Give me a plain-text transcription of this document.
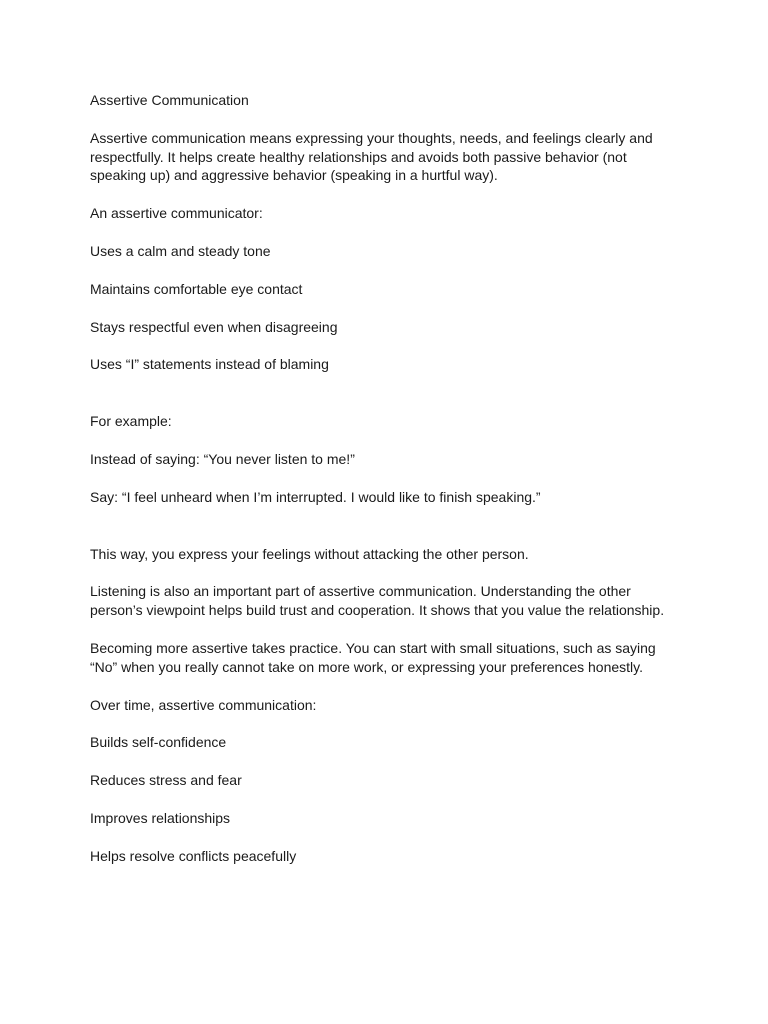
Assertive Communication

Assertive communication means expressing your thoughts, needs, and feelings clearly and respectfully. It helps create healthy relationships and avoids both passive behavior (not speaking up) and aggressive behavior (speaking in a hurtful way).

An assertive communicator:

Uses a calm and steady tone

Maintains comfortable eye contact

Stays respectful even when disagreeing

Uses “I” statements instead of blaming

For example:

Instead of saying: “You never listen to me!”

Say: “I feel unheard when I’m interrupted. I would like to finish speaking.”

This way, you express your feelings without attacking the other person.

Listening is also an important part of assertive communication. Understanding the other person’s viewpoint helps build trust and cooperation. It shows that you value the relationship.

Becoming more assertive takes practice. You can start with small situations, such as saying “No” when you really cannot take on more work, or expressing your preferences honestly.

Over time, assertive communication:

Builds self-confidence

Reduces stress and fear

Improves relationships

Helps resolve conflicts peacefully
